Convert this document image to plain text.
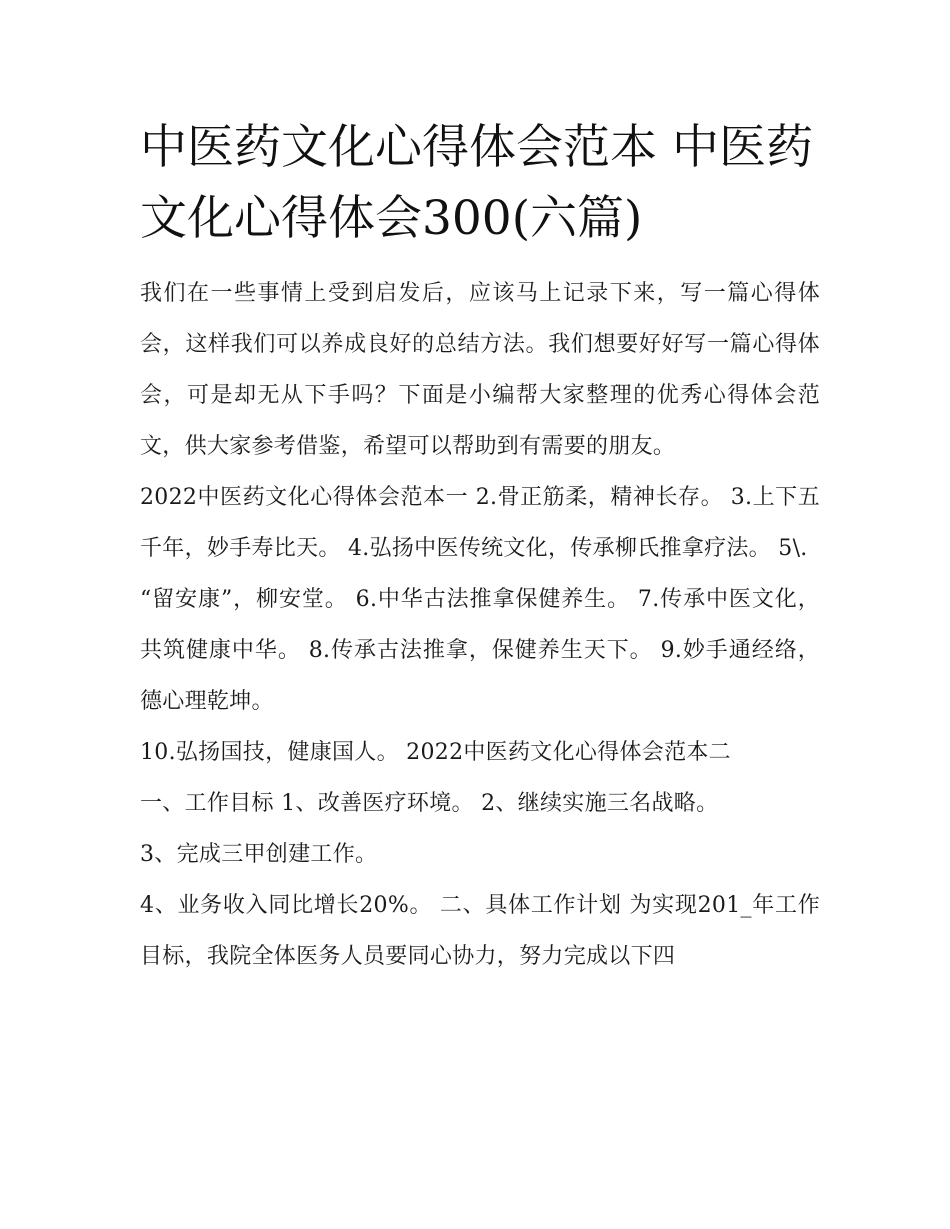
中医药文化心得体会范本 中医药文化心得体会300(六篇)

我们在一些事情上受到启发后，应该马上记录下来，写一篇心得体会，这样我们可以养成良好的总结方法。我们想要好好写一篇心得体会，可是却无从下手吗？下面是小编帮大家整理的优秀心得体会范文，供大家参考借鉴，希望可以帮助到有需要的朋友。

2022中医药文化心得体会范本一 2.骨正筋柔，精神长存。 3.上下五千年，妙手寿比天。 4.弘扬中医传统文化，传承柳氏推拿疗法。 5\.

“留安康”，柳安堂。 6.中华古法推拿保健养生。 7.传承中医文化，共筑健康中华。 8.传承古法推拿，保健养生天下。 9.妙手通经络，德心理乾坤。

10.弘扬国技，健康国人。 2022中医药文化心得体会范本二

一、工作目标 1、改善医疗环境。 2、继续实施三名战略。

3、完成三甲创建工作。

4、业务收入同比增长20%。 二、具体工作计划 为实现201_年工作目标，我院全体医务人员要同心协力，努力完成以下四
